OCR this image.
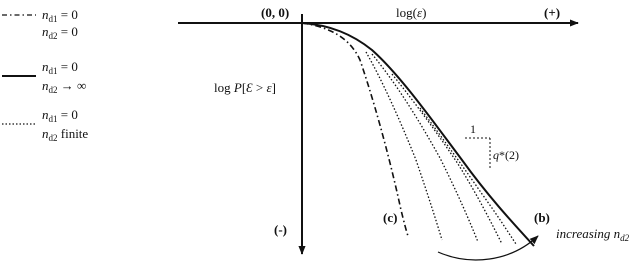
$n_{d1} = 0$
$n_{d2} = 0$
$n_{d1} = 0$
$n_{d2}$ → ∞
$n_{d1} = 0$
$n_{d2}$ finite
(0, 0)	log(ε)	(+)
log P[Ɛ > ε]
(-)
1
q*(2)
(c)	(b)
increasing $n_{d2}$
